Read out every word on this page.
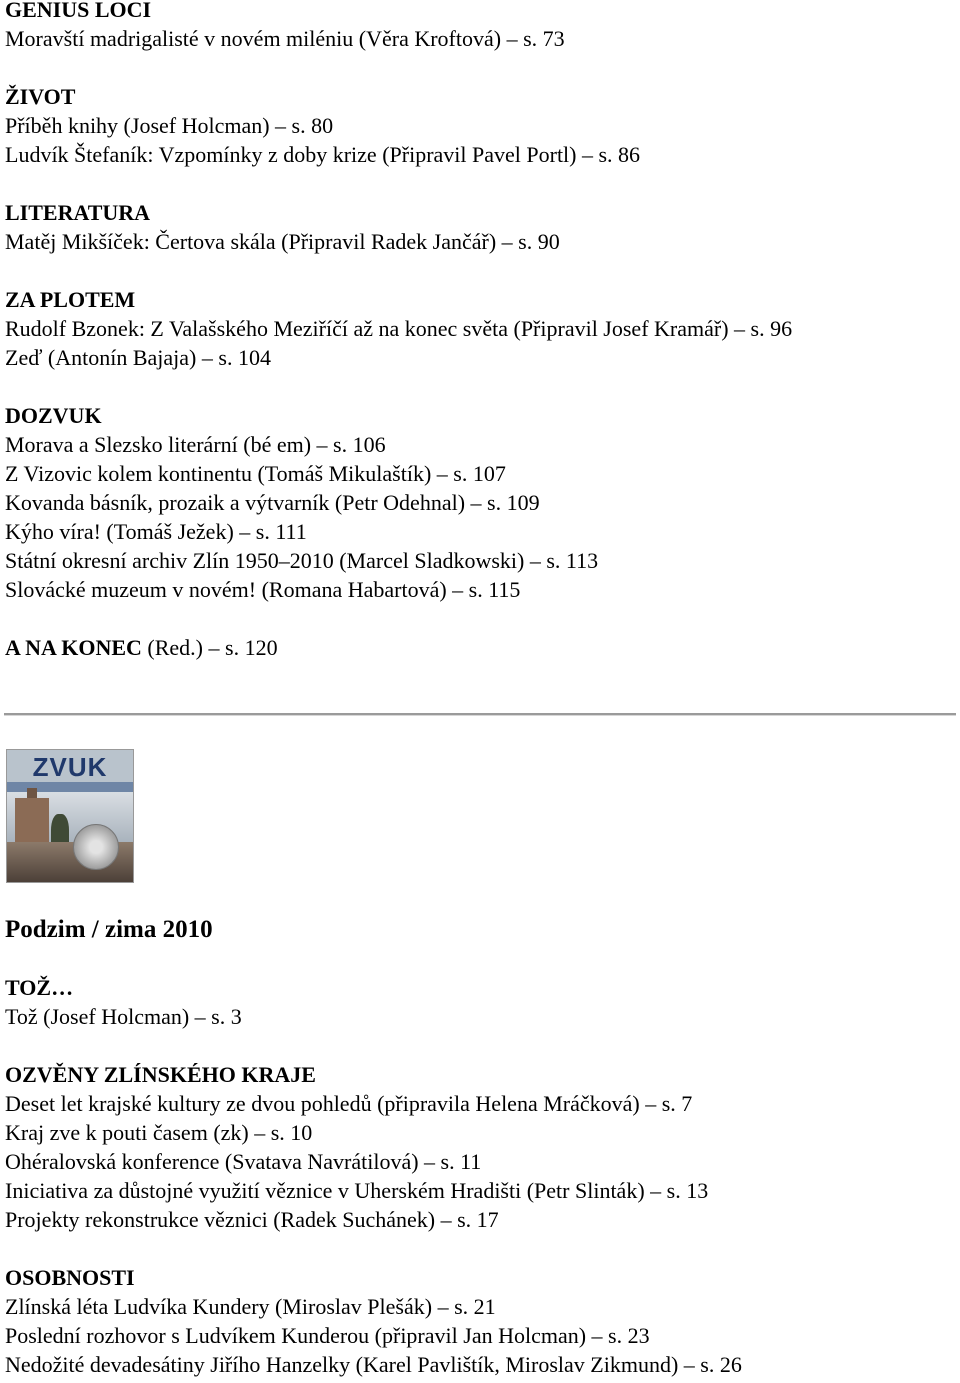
GENIUS LOCI
Moravští madrigalisté v novém miléniu (Věra Kroftová) – s. 73
ŽIVOT
Příběh knihy (Josef Holcman) – s. 80
Ludvík Štefaník: Vzpomínky z doby krize (Připravil Pavel Portl) – s. 86
LITERATURA
Matěj Mikšíček: Čertova skála (Připravil Radek Jančář) – s. 90
ZA PLOTEM
Rudolf Bzonek: Z Valašského Meziříčí až na konec světa (Připravil Josef Kramář) – s. 96
Zeď (Antonín Bajaja) – s. 104
DOZVUK
Morava a Slezsko literární (bé em) – s. 106
Z Vizovic kolem kontinentu (Tomáš Mikulaštík) – s. 107
Kovanda básník, prozaik a výtvarník (Petr Odehnal) – s. 109
Kýho víra! (Tomáš Ježek) – s. 111
Státní okresní archiv Zlín 1950–2010 (Marcel Sladkowski) – s. 113
Slovácké muzeum v novém! (Romana Habartová) – s. 115
A NA KONEC (Red.) – s. 120
ZVUK
Podzim / zima 2010
TOŽ…
Tož (Josef Holcman) – s. 3
OZVĚNY ZLÍNSKÉHO KRAJE
Deset let krajské kultury ze dvou pohledů (připravila Helena Mráčková) – s. 7
Kraj zve k pouti časem (zk) – s. 10
Ohéralovská konference (Svatava Navrátilová) – s. 11
Iniciativa za důstojné využití věznice v Uherském Hradišti (Petr Slinták) – s. 13
Projekty rekonstrukce věznici (Radek Suchánek) – s. 17
OSOBNOSTI
Zlínská léta Ludvíka Kundery (Miroslav Plešák) – s. 21
Poslední rozhovor s Ludvíkem Kunderou (připravil Jan Holcman) – s. 23
Nedožité devadesátiny Jiřího Hanzelky (Karel Pavlištík, Miroslav Zikmund) – s. 26
